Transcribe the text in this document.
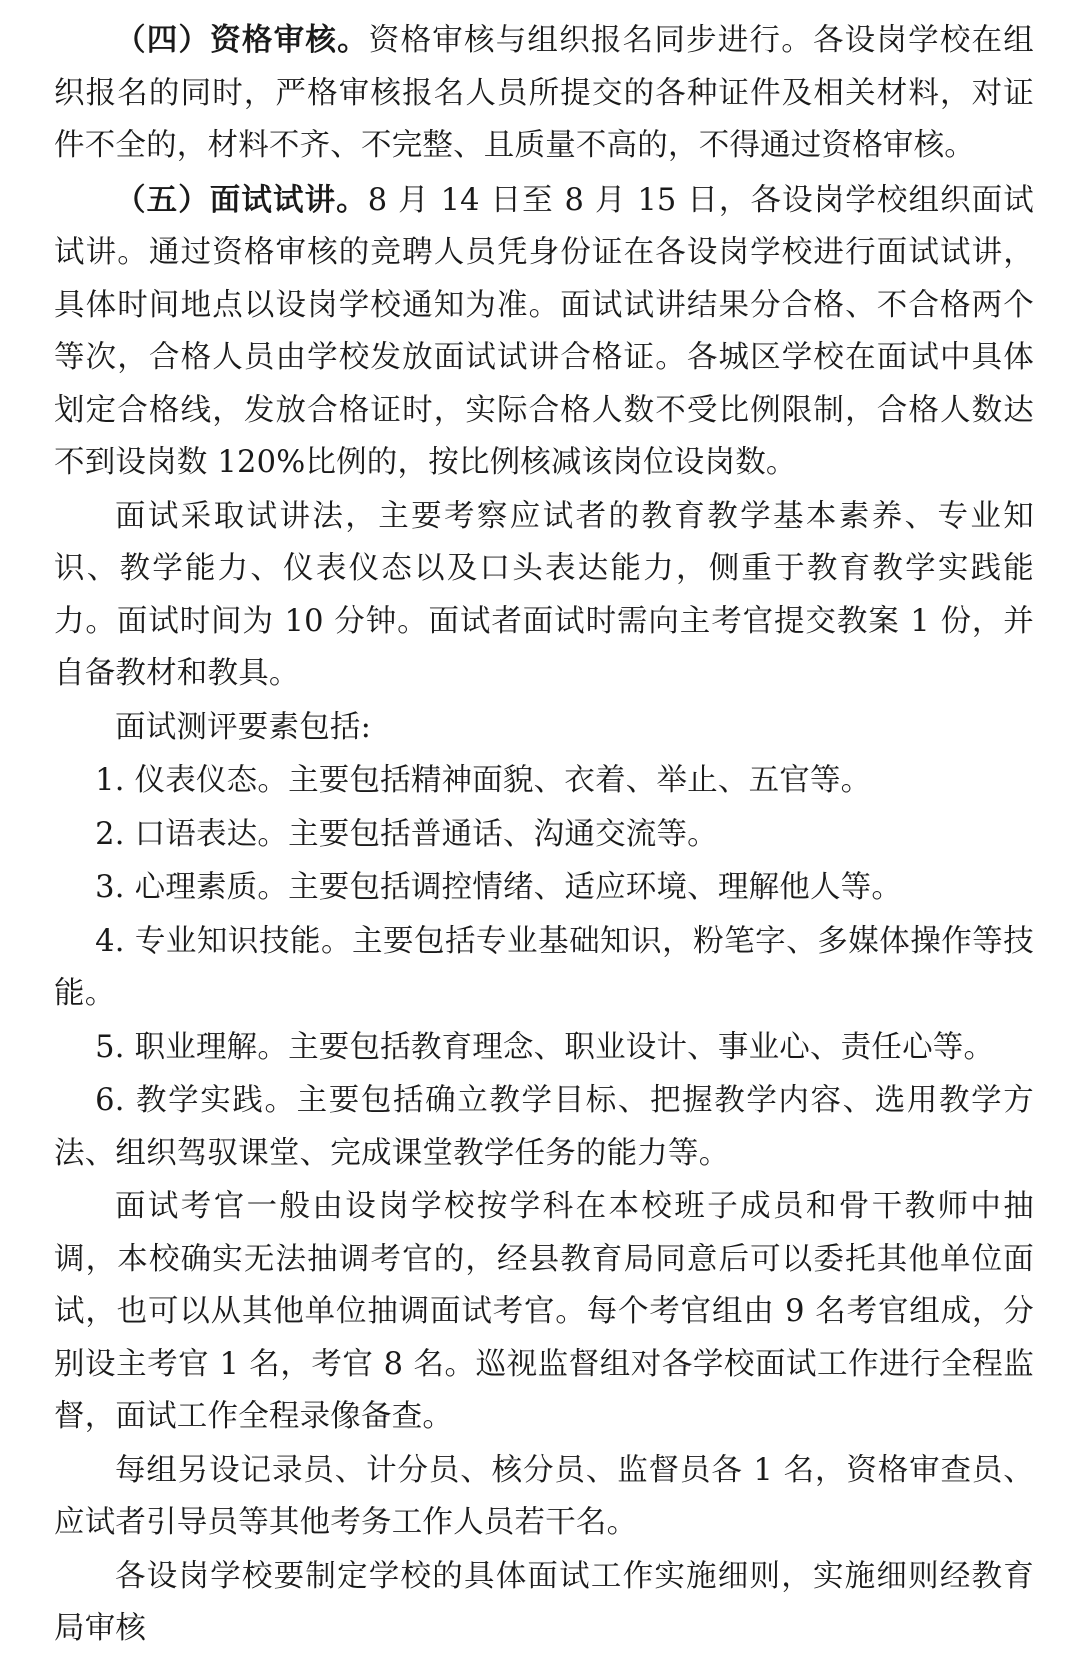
（四）资格审核。资格审核与组织报名同步进行。各设岗学校在组织报名的同时，严格审核报名人员所提交的各种证件及相关材料，对证件不全的，材料不齐、不完整、且质量不高的，不得通过资格审核。

（五）面试试讲。8 月 14 日至 8 月 15 日，各设岗学校组织面试试讲。通过资格审核的竞聘人员凭身份证在各设岗学校进行面试试讲，具体时间地点以设岗学校通知为准。面试试讲结果分合格、不合格两个等次，合格人员由学校发放面试试讲合格证。各城区学校在面试中具体划定合格线，发放合格证时，实际合格人数不受比例限制，合格人数达不到设岗数 120%比例的，按比例核减该岗位设岗数。

面试采取试讲法，主要考察应试者的教育教学基本素养、专业知识、教学能力、仪表仪态以及口头表达能力，侧重于教育教学实践能力。面试时间为 10 分钟。面试者面试时需向主考官提交教案 1 份，并自备教材和教具。

面试测评要素包括:

1. 仪表仪态。主要包括精神面貌、衣着、举止、五官等。

2. 口语表达。主要包括普通话、沟通交流等。

3. 心理素质。主要包括调控情绪、适应环境、理解他人等。

4. 专业知识技能。主要包括专业基础知识，粉笔字、多媒体操作等技能。

5. 职业理解。主要包括教育理念、职业设计、事业心、责任心等。

6. 教学实践。主要包括确立教学目标、把握教学内容、选用教学方法、组织驾驭课堂、完成课堂教学任务的能力等。

面试考官一般由设岗学校按学科在本校班子成员和骨干教师中抽调，本校确实无法抽调考官的，经县教育局同意后可以委托其他单位面试，也可以从其他单位抽调面试考官。每个考官组由 9 名考官组成，分别设主考官 1 名，考官 8 名。巡视监督组对各学校面试工作进行全程监督，面试工作全程录像备查。

每组另设记录员、计分员、核分员、监督员各 1 名，资格审查员、应试者引导员等其他考务工作人员若干名。

各设岗学校要制定学校的具体面试工作实施细则，实施细则经教育局审核
